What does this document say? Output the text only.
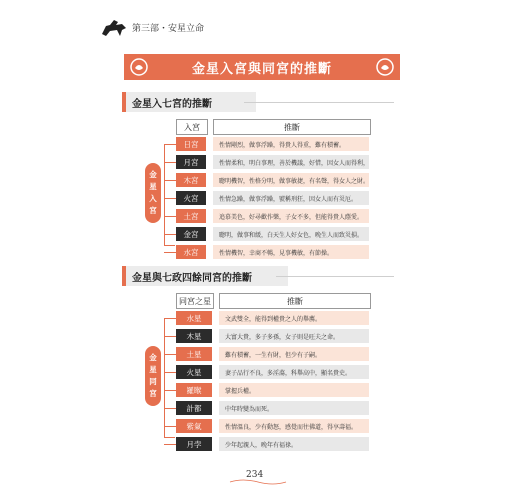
第三部・安星立命
金星入宮與同宮的推斷
金星入七宮的推斷
入宮	推斷
金
星
入
宮
日宮	性情剛烈，做事浮躁，得貴人得重，難有積蓄。
月宮	性情柔和，明白事理，善於機議，好惜，因女人而得利，
木宮	聰明機智，性格分明，做事敏捷，有名聲，得女人之財。
火宮	性情急躁，做事浮躁，號稱刑狂，因女人而有災厄。
土宮	追慕美色，好尋歡作樂，子女不多，但能得貴人蔭愛。
金宮	聰明，做事和緩，白天生人好女色，晚生人而致災損。
水宮	性情機智，幸商不暢，見事機敏，有節操。
金星與七政四餘同宮的推斷
同宮之星	推斷
金
星
同
宮
水星	文武雙全，能得到權貴之人的舉薦。
木星	大富大貴，多子多孫，女子則是旺夫之命。
土星	難有積蓄，一生有財，但少有子嗣。
火星	妻子品行不良，多淫蕩，科舉高中，顯名貴史。
羅睺	掌握兵權。
計都	中年時變為而死。
紫氣	性情溫良，少有動怒，感覺而往佛道，得享壽福。
月孛	少年起親人，晚年有福祿。
234
